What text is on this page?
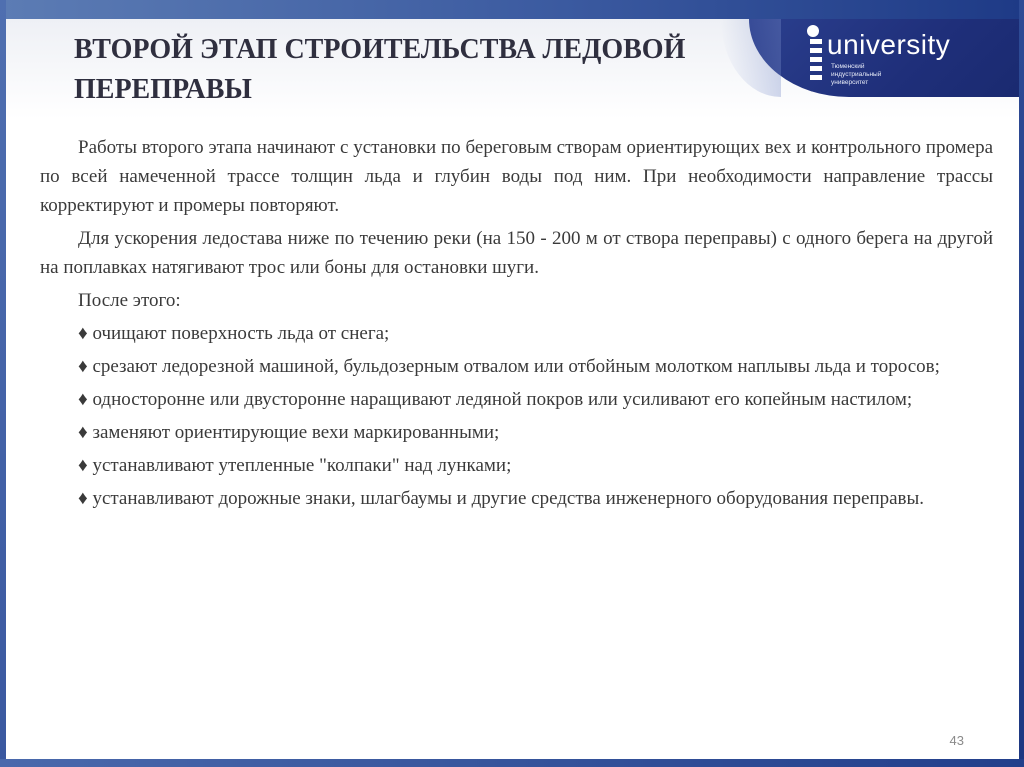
ВТОРОЙ ЭТАП СТРОИТЕЛЬСТВА ЛЕДОВОЙ
ПЕРЕПРАВЫ
university
Тюменский
индустриальный
университет

Работы второго этапа начинают с установки по береговым створам ориентирующих вех и контрольного промера по всей намеченной трассе толщин льда и глубин воды под ним. При необходимости направление трассы корректируют и промеры повторяют.

Для ускорения ледостава ниже по течению реки (на 150 - 200 м от створа переправы) с одного берега на другой на поплавках натягивают трос или боны для остановки шуги.

После этого:

♦ очищают поверхность льда от снега;

♦ срезают ледорезной машиной, бульдозерным отвалом или отбойным молотком наплывы льда и торосов;

♦ односторонне или двусторонне наращивают ледяной покров или усиливают его копейным настилом;

♦ заменяют ориентирующие вехи маркированными;

♦ устанавливают утепленные "колпаки" над лунками;

♦ устанавливают дорожные знаки, шлагбаумы и другие средства инженерного оборудования переправы.

43
